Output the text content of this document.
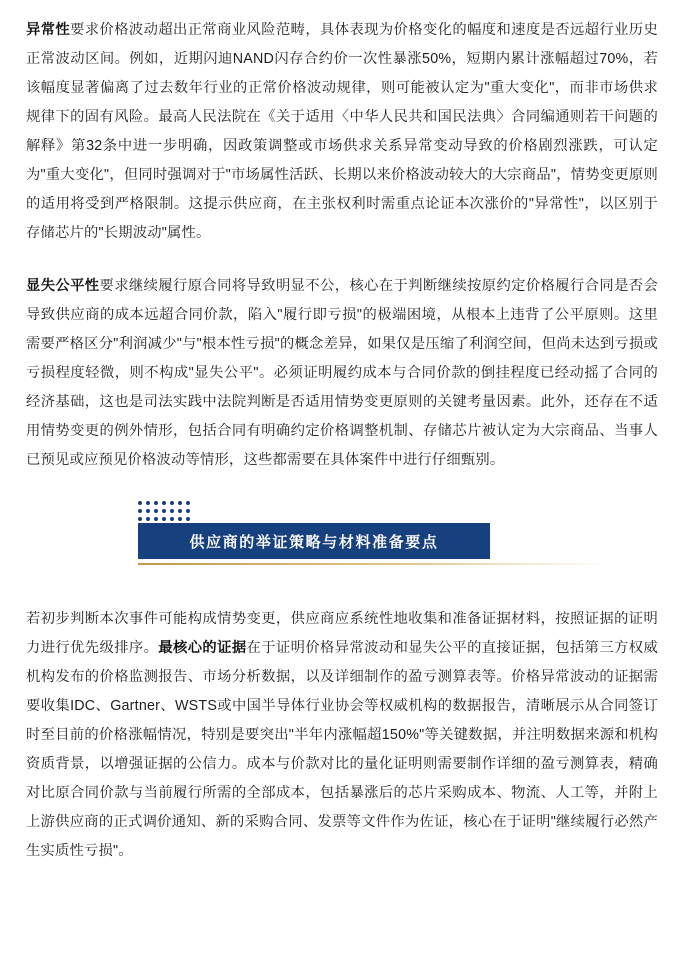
异常性要求价格波动超出正常商业风险范畴，具体表现为价格变化的幅度和速度是否远超行业历史正常波动区间。例如，近期闪迪NAND闪存合约价一次性暴涨50%，短期内累计涨幅超过70%，若该幅度显著偏离了过去数年行业的正常价格波动规律，则可能被认定为"重大变化"，而非市场供求规律下的固有风险。最高人民法院在《关于适用〈中华人民共和国民法典〉合同编通则若干问题的解释》第32条中进一步明确，因政策调整或市场供求关系异常变动导致的价格剧烈涨跌，可认定为"重大变化"，但同时强调对于"市场属性活跃、长期以来价格波动较大的大宗商品"，情势变更原则的适用将受到严格限制。这提示供应商，在主张权利时需重点论证本次涨价的"异常性"，以区别于存储芯片的"长期波动"属性。

显失公平性要求继续履行原合同将导致明显不公，核心在于判断继续按原约定价格履行合同是否会导致供应商的成本远超合同价款，陷入"履行即亏损"的极端困境，从根本上违背了公平原则。这里需要严格区分"利润减少"与"根本性亏损"的概念差异，如果仅是压缩了利润空间，但尚未达到亏损或亏损程度轻微，则不构成"显失公平"。必须证明履约成本与合同价款的倒挂程度已经动摇了合同的经济基础，这也是司法实践中法院判断是否适用情势变更原则的关键考量因素。此外，还存在不适用情势变更的例外情形，包括合同有明确约定价格调整机制、存储芯片被认定为大宗商品、当事人已预见或应预见价格波动等情形，这些都需要在具体案件中进行仔细甄别。

供应商的举证策略与材料准备要点

若初步判断本次事件可能构成情势变更，供应商应系统性地收集和准备证据材料，按照证据的证明力进行优先级排序。最核心的证据在于证明价格异常波动和显失公平的直接证据，包括第三方权威机构发布的价格监测报告、市场分析数据，以及详细制作的盈亏测算表等。价格异常波动的证据需要收集IDC、Gartner、WSTS或中国半导体行业协会等权威机构的数据报告，清晰展示从合同签订时至目前的价格涨幅情况，特别是要突出"半年内涨幅超150%"等关键数据，并注明数据来源和机构资质背景，以增强证据的公信力。成本与价款对比的量化证明则需要制作详细的盈亏测算表，精确对比原合同价款与当前履行所需的全部成本，包括暴涨后的芯片采购成本、物流、人工等，并附上上游供应商的正式调价通知、新的采购合同、发票等文件作为佐证，核心在于证明"继续履行必然产生实质性亏损"。
